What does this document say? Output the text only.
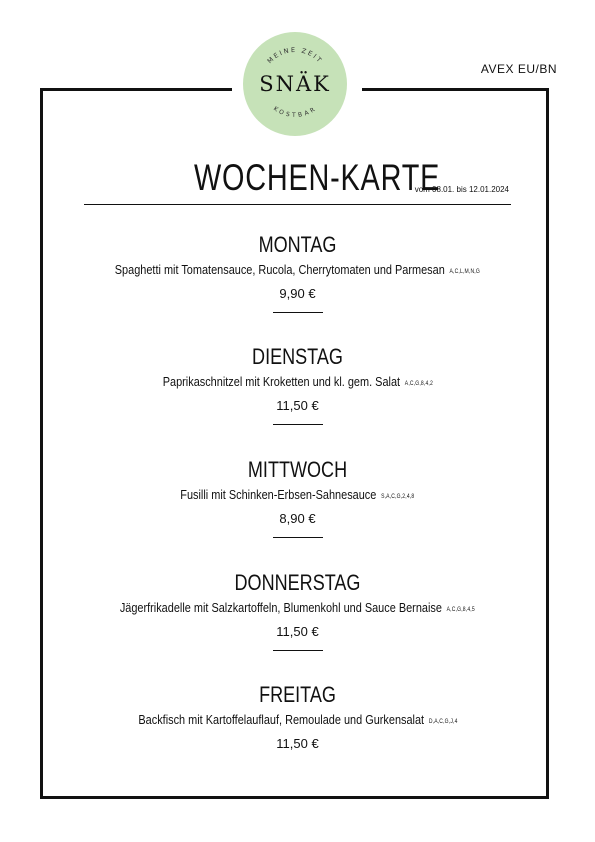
MEINE ZEIT
KOSTBAR
SNÄK
AVEX EU/BN
WOCHEN-KARTE
vom 08.01. bis 12.01.2024
MONTAG
Spaghetti mit Tomatensauce, Rucola, Cherrytomaten und Parmesan A,C,L,M,N,G
9,90 €
DIENSTAG
Paprikaschnitzel mit Kroketten und kl. gem. Salat A,C,G,8,4,2
11,50 €
MITTWOCH
Fusilli mit Schinken-Erbsen-Sahnesauce S,A,C,G,2,4,8
8,90 €
DONNERSTAG
Jägerfrikadelle mit Salzkartoffeln, Blumenkohl und Sauce Bernaise A,C,G,8,4,5
11,50 €
FREITAG
Backfisch mit Kartoffelauflauf, Remoulade und Gurkensalat D,A,C,G,J,4
11,50 €
